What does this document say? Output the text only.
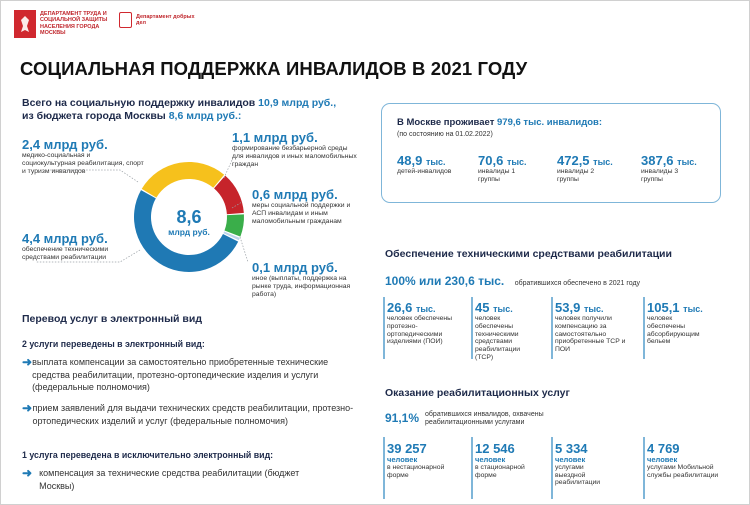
ДЕПАРТАМЕНТ ТРУДА И СОЦИАЛЬНОЙ ЗАЩИТЫ НАСЕЛЕНИЯ ГОРОДА МОСКВЫ
Департамент добрых дел
СОЦИАЛЬНАЯ ПОДДЕРЖКА ИНВАЛИДОВ В 2021 ГОДУ
Всего на социальную поддержку инвалидов 10,9 млрд руб.,
из бюджета города Москвы 8,6 млрд руб.:
8,6
млрд руб.
2,4 млрд руб.
медико-социальная и социокультурная реабилитация, спорт и туризм инвалидов
1,1 млрд руб.
формирование безбарьерной среды для инвалидов и иных маломобильных граждан
0,6 млрд руб.
меры социальной поддержки и АСП инвалидам и иным маломобильным гражданам
0,1 млрд руб.
иное (выплаты, поддержка на рынке труда, информационная работа)
4,4 млрд руб.
обеспечение техническими средствами реабилитации
Перевод услуг в электронный вид
2 услуги переведены в электронный вид:
➜ выплата компенсации за самостоятельно приобретенные технические средства реабилитации, протезно-ортопедические изделия и услуги (федеральные полномочия)
➜ прием заявлений для выдачи технических средств реабилитации, протезно-ортопедических изделий и услуг (федеральные полномочия)
1 услуга переведена в исключительно электронный вид:
➜ компенсация за технические средства реабилитации (бюджет Москвы)
В Москве проживает 979,6 тыс. инвалидов:
(по состоянию на 01.02.2022)
48,9 тыс.
детей-инвалидов
70,6 тыс.
инвалиды 1 группы
472,5 тыс.
инвалиды 2 группы
387,6 тыс.
инвалиды 3 группы
Обеспечение техническими средствами реабилитации
100% или 230,6 тыс. обратившихся обеспечено в 2021 году
26,6 тыс.
человек обеспечены протезно-ортопедическими изделиями (ПОИ)
45 тыс.
человек обеспечены техническими средствами реабилитации (ТСР)
53,9 тыс.
человек получили компенсацию за самостоятельно приобретенные ТСР и ПОИ
105,1 тыс.
человек обеспечены абсорбирующим бельем
Оказание реабилитационных услуг
91,1% обратившихся инвалидов, охвачены реабилитационными услугами
39 257
человек
в нестационарной форме
12 546
человек
в стационарной форме
5 334
человек
услугами выездной реабилитации
4 769
человек
услугами Мобильной службы реабилитации
